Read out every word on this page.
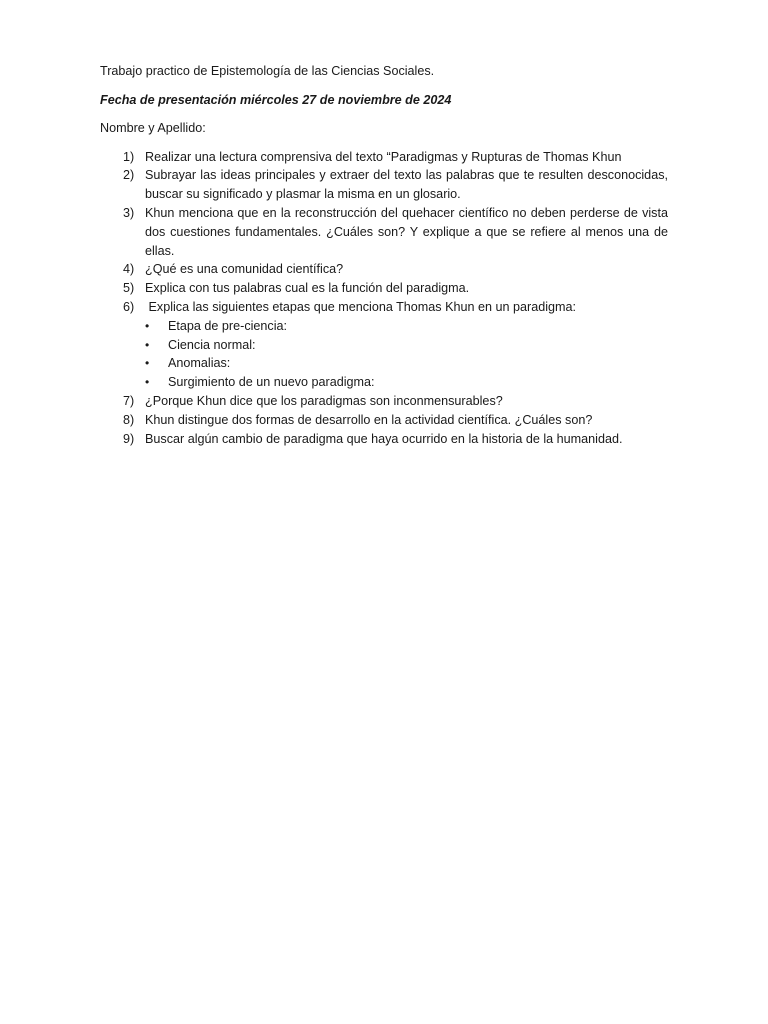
Trabajo practico de Epistemología de las Ciencias Sociales.

Fecha de presentación miércoles 27 de noviembre de 2024

Nombre y Apellido:

1) Realizar una lectura comprensiva del texto “Paradigmas y Rupturas de Thomas Khun
2) Subrayar las ideas principales y extraer del texto las palabras que te resulten desconocidas, buscar su significado y plasmar la misma en un glosario.
3) Khun menciona que en la reconstrucción del quehacer científico no deben perderse de vista dos cuestiones fundamentales. ¿Cuáles son? Y explique a que se refiere al menos una de ellas.
4) ¿Qué es una comunidad científica?
5) Explica con tus palabras cual es la función del paradigma.
6) Explica las siguientes etapas que menciona Thomas Khun en un paradigma:
• Etapa de pre-ciencia:
• Ciencia normal:
• Anomalias:
• Surgimiento de un nuevo paradigma:
7) ¿Porque Khun dice que los paradigmas son inconmensurables?
8) Khun distingue dos formas de desarrollo en la actividad científica. ¿Cuáles son?
9) Buscar algún cambio de paradigma que haya ocurrido en la historia de la humanidad.
